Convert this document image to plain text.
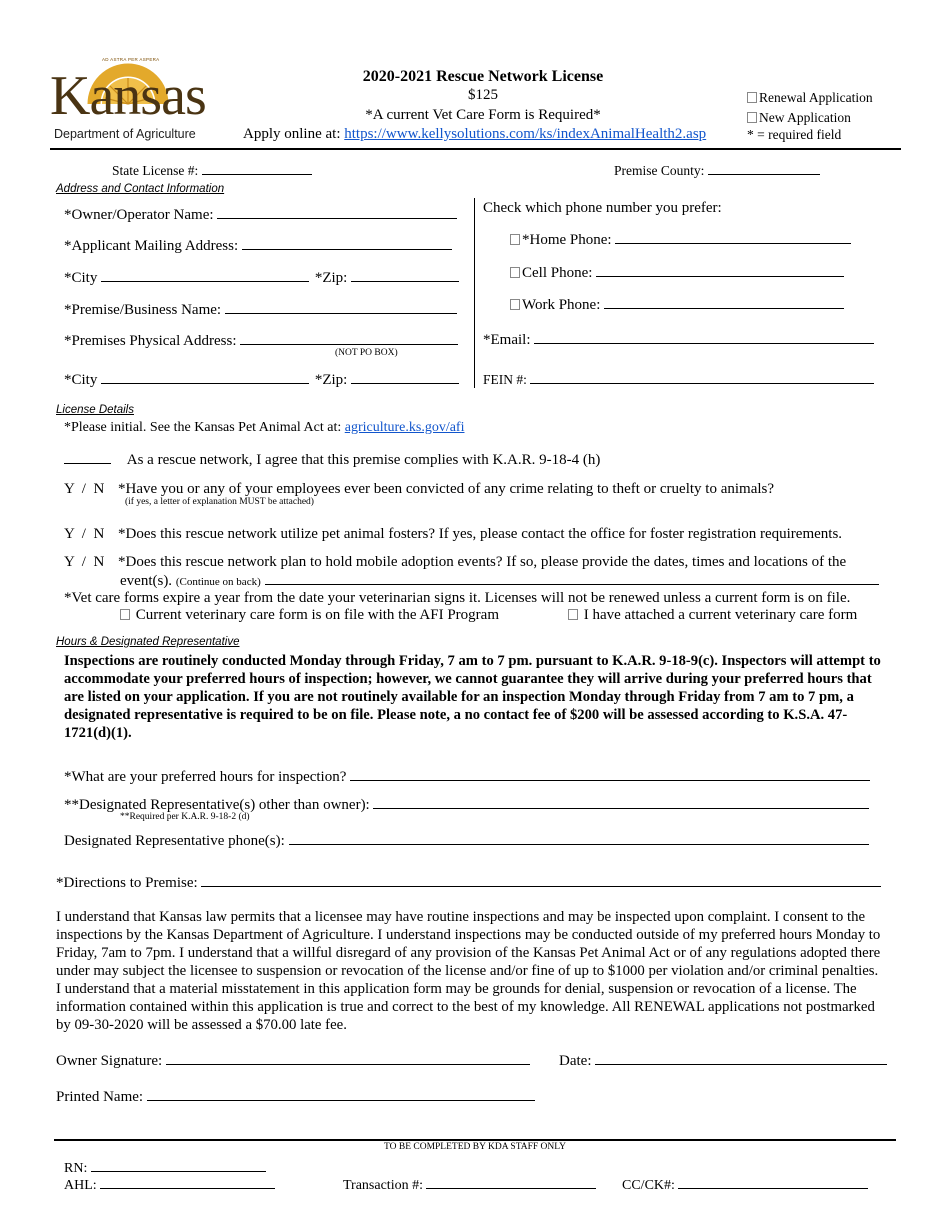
AD ASTRA PER ASPERA
Kansas
Department of Agriculture
2020-2021 Rescue Network License
$125
*A current Vet Care Form is Required*
Apply online at: https://www.kellysolutions.com/ks/indexAnimalHealth2.asp
Renewal Application
New Application
* = required field
State License #:	Premise County:
Address and Contact Information
*Owner/Operator Name:
*Applicant Mailing Address:
*City	*Zip:
*Premise/Business Name:
*Premises Physical Address:
(NOT PO BOX)
*City	*Zip:
Check which phone number you prefer:
*Home Phone:
Cell Phone:
Work Phone:
*Email:
FEIN #:
License Details
*Please initial. See the Kansas Pet Animal Act at: agriculture.ks.gov/afi
As a rescue network, I agree that this premise complies with K.A.R. 9-18-4 (h)
Y  /  N *Have you or any of your employees ever been convicted of any crime relating to theft or cruelty to animals?
(if yes, a letter of explanation MUST be attached)
Y  /  N *Does this rescue network utilize pet animal fosters? If yes, please contact the office for foster registration requirements.
Y  /  N *Does this rescue network plan to hold mobile adoption events? If so, please provide the dates, times and locations of the
event(s). (Continue on back)
*Vet care forms expire a year from the date your veterinarian signs it. Licenses will not be renewed unless a current form is on file.
Current veterinary care form is on file with the AFI Program	I have attached a current veterinary care form
Hours & Designated Representative
Inspections are routinely conducted Monday through Friday, 7 am to 7 pm. pursuant to K.A.R. 9-18-9(c). Inspectors will attempt to accommodate your preferred hours of inspection; however, we cannot guarantee they will arrive during your preferred hours that are listed on your application. If you are not routinely available for an inspection Monday through Friday from 7 am to 7 pm, a designated representative is required to be on file. Please note, a no contact fee of $200 will be assessed according to K.S.A. 47-1721(d)(1).
*What are your preferred hours for inspection?
**Designated Representative(s) other than owner):
**Required per K.A.R. 9-18-2 (d)
Designated Representative phone(s):
*Directions to Premise:
I understand that Kansas law permits that a licensee may have routine inspections and may be inspected upon complaint. I consent to the inspections by the Kansas Department of Agriculture. I understand inspections may be conducted outside of my preferred hours Monday to Friday, 7am to 7pm. I understand that a willful disregard of any provision of the Kansas Pet Animal Act or of any regulations adopted there under may subject the licensee to suspension or revocation of the license and/or fine of up to $1000 per violation and/or criminal penalties. I understand that a material misstatement in this application form may be grounds for denial, suspension or revocation of a license. The information contained within this application is true and correct to the best of my knowledge. All RENEWAL applications not postmarked by 09-30-2020 will be assessed a $70.00 late fee.
Owner Signature:	Date:
Printed Name:
TO BE COMPLETED BY KDA STAFF ONLY
RN:
AHL:	Transaction #:	CC/CK#:
